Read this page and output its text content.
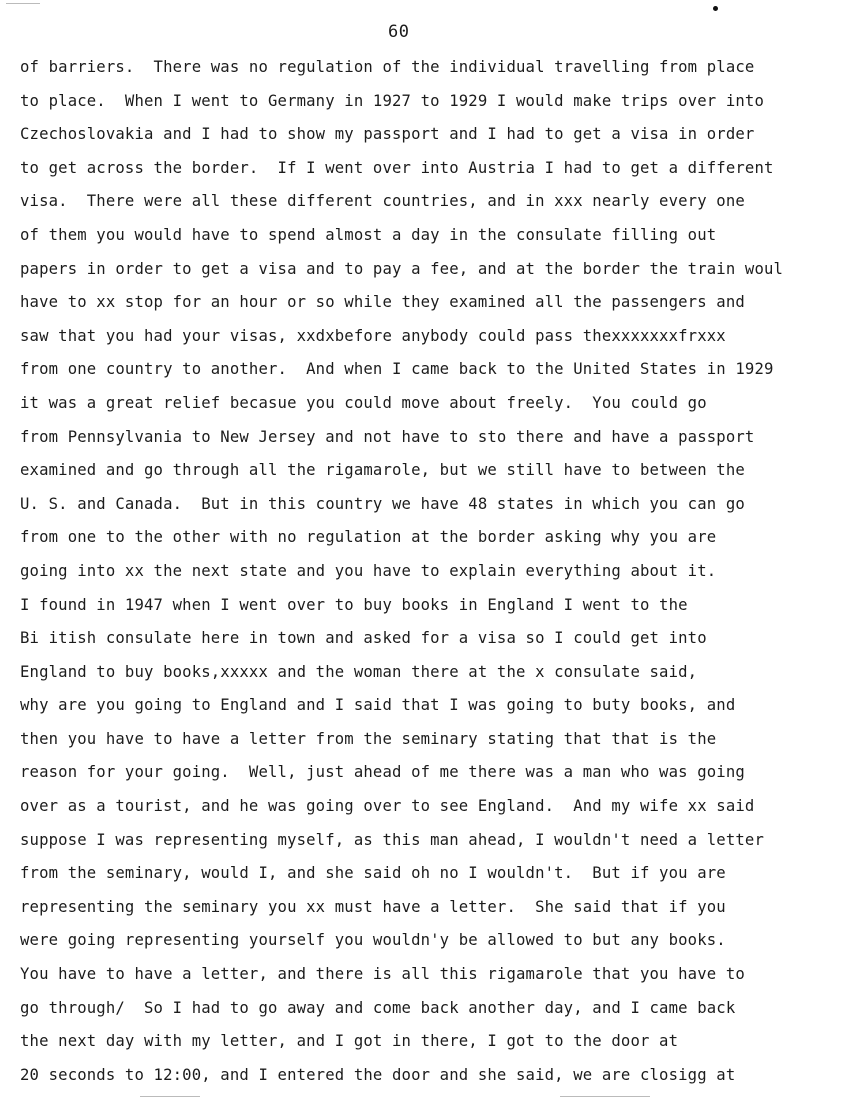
60
of barriers.  There was no regulation of the individual travelling from place
to place.  When I went to Germany in 1927 to 1929 I would make trips over into
Czechoslovakia and I had to show my passport and I had to get a visa in order
to get across the border.  If I went over into Austria I had to get a different
visa.  There were all these different countries, and in xxx nearly every one
of them you would have to spend almost a day in the consulate filling out
papers in order to get a visa and to pay a fee, and at the border the train woul
have to xx stop for an hour or so while they examined all the passengers and
saw that you had your visas, xxdxbefore anybody could pass thexxxxxxxfrxxx
from one country to another.  And when I came back to the United States in 1929
it was a great relief becasue you could move about freely.  You could go
from Pennsylvania to New Jersey and not have to sto there and have a passport
examined and go through all the rigamarole, but we still have to between the
U. S. and Canada.  But in this country we have 48 states in which you can go
from one to the other with no regulation at the border asking why you are
going into xx the next state and you have to explain everything about it.
I found in 1947 when I went over to buy books in England I went to the
Bi itish consulate here in town and asked for a visa so I could get into
England to buy books,xxxxx and the woman there at the x consulate said,
why are you going to England and I said that I was going to buty books, and
then you have to have a letter from the seminary stating that that is the
reason for your going.  Well, just ahead of me there was a man who was going
over as a tourist, and he was going over to see England.  And my wife xx said
suppose I was representing myself, as this man ahead, I wouldn't need a letter
from the seminary, would I, and she said oh no I wouldn't.  But if you are
representing the seminary you xx must have a letter.  She said that if you
were going representing yourself you wouldn'y be allowed to but any books.
You have to have a letter, and there is all this rigamarole that you have to
go through/  So I had to go away and come back another day, and I came back
the next day with my letter, and I got in there, I got to the door at
20 seconds to 12:00, and I entered the door and she said, we are closigg at
